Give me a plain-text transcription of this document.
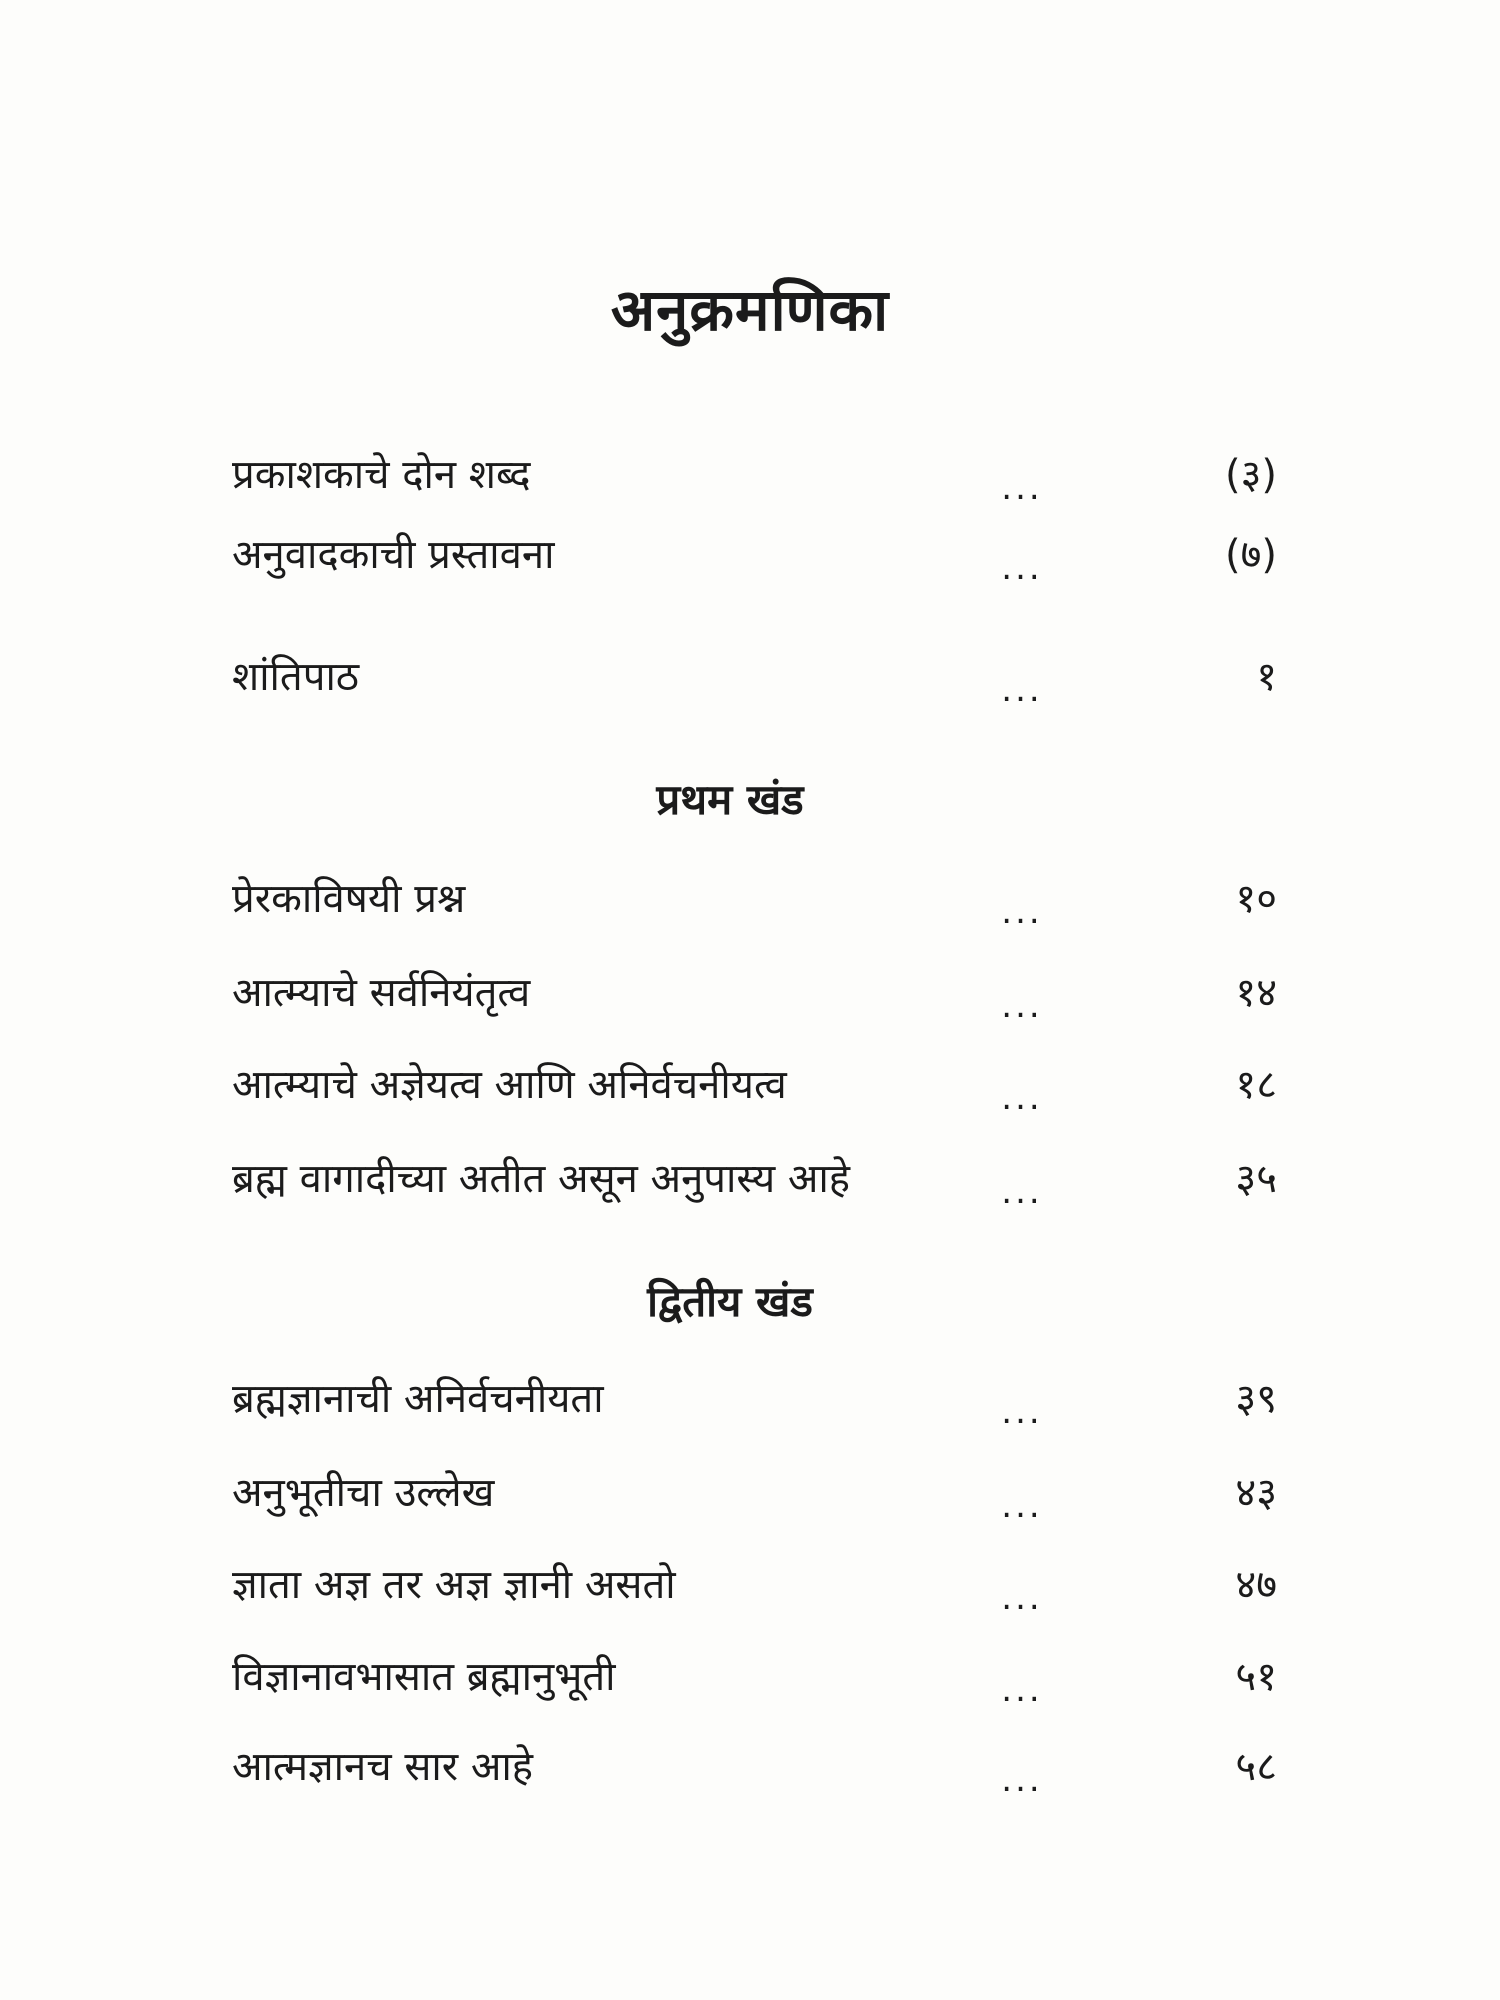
अनुक्रमणिका
प्रकाशकाचे दोन शब्द	...	(३)
अनुवादकाची प्रस्तावना	...	(७)
शांतिपाठ	...	१
प्रथम खंड
प्रेरकाविषयी प्रश्न	...	१०
आत्म्याचे सर्वनियंतृत्व	...	१४
आत्म्याचे अज्ञेयत्व आणि अनिर्वचनीयत्व	...	१८
ब्रह्म वागादीच्या अतीत असून अनुपास्य आहे	...	३५
द्वितीय खंड
ब्रह्मज्ञानाची अनिर्वचनीयता	...	३९
अनुभूतीचा उल्लेख	...	४३
ज्ञाता अज्ञ तर अज्ञ ज्ञानी असतो	...	४७
विज्ञानावभासात ब्रह्मानुभूती	...	५१
आत्मज्ञानच सार आहे	...	५८
